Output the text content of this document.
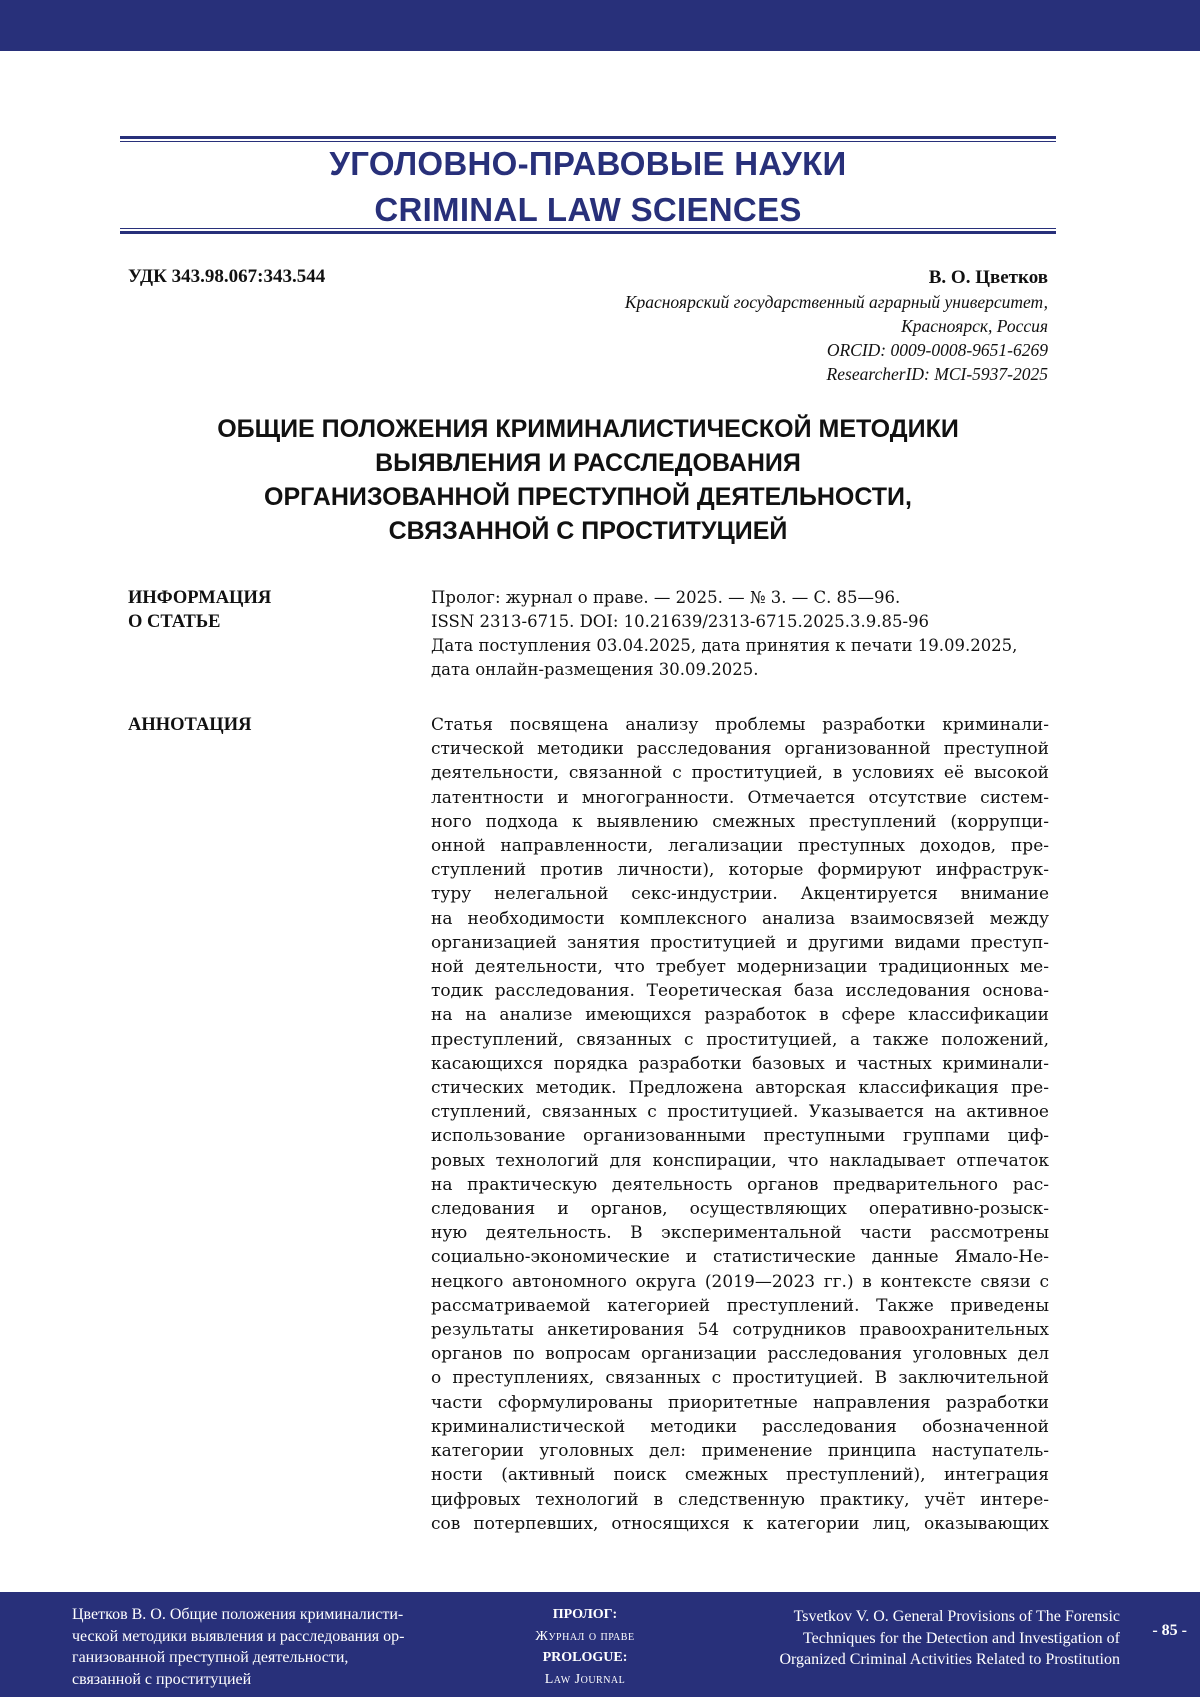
УГОЛОВНО-ПРАВОВЫЕ НАУКИ
CRIMINAL LAW SCIENCES
УДК 343.98.067:343.544	В. О. Цветков
Красноярский государственный аграрный университет,
Красноярск, Россия
ORCID: 0009-0008-9651-6269
ResearcherID: MCI-5937-2025
ОБЩИЕ ПОЛОЖЕНИЯ КРИМИНАЛИСТИЧЕСКОЙ МЕТОДИКИ
ВЫЯВЛЕНИЯ И РАССЛЕДОВАНИЯ
ОРГАНИЗОВАННОЙ ПРЕСТУПНОЙ ДЕЯТЕЛЬНОСТИ,
СВЯЗАННОЙ С ПРОСТИТУЦИЕЙ
ИНФОРМАЦИЯ
О СТАТЬЕ
Пролог: журнал о праве. — 2025. — № 3. — С. 85—96.
ISSN 2313-6715. DOI: 10.21639/2313-6715.2025.3.9.85-96
Дата поступления 03.04.2025, дата принятия к печати 19.09.2025,
дата онлайн-размещения 30.09.2025.
АННОТАЦИЯ	Статья посвящена анализу проблемы разработки криминали-
стической методики расследования организованной преступной
деятельности, связанной с проституцией, в условиях её высокой
латентности и многогранности. Отмечается отсутствие систем-
ного подхода к выявлению смежных преступлений (коррупци-
онной направленности, легализации преступных доходов, пре-
ступлений против личности), которые формируют инфраструк-
туру нелегальной секс-индустрии. Акцентируется внимание
на необходимости комплексного анализа взаимосвязей между
организацией занятия проституцией и другими видами преступ-
ной деятельности, что требует модернизации традиционных ме-
тодик расследования. Теоретическая база исследования основа-
на на анализе имеющихся разработок в сфере классификации
преступлений, связанных с проституцией, а также положений,
касающихся порядка разработки базовых и частных криминали-
стических методик. Предложена авторская классификация пре-
ступлений, связанных с проституцией. Указывается на активное
использование организованными преступными группами циф-
ровых технологий для конспирации, что накладывает отпечаток
на практическую деятельность органов предварительного рас-
следования и органов, осуществляющих оперативно-розыск-
ную деятельность. В экспериментальной части рассмотрены
социально-экономические и статистические данные Ямало-Не-
нецкого автономного округа (2019—2023 гг.) в контексте связи с
рассматриваемой категорией преступлений. Также приведены
результаты анкетирования 54 сотрудников правоохранительных
органов по вопросам организации расследования уголовных дел
о преступлениях, связанных с проституцией. В заключительной
части сформулированы приоритетные направления разработки
криминалистической методики расследования обозначенной
категории уголовных дел: применение принципа наступатель-
ности (активный поиск смежных преступлений), интеграция
цифровых технологий в следственную практику, учёт интере-
сов потерпевших, относящихся к категории лиц, оказывающих
Цветков В. О. Общие положения криминалисти-
ческой методики выявления и расследования ор-
ганизованной преступной деятельности,
связанной с проституцией
ПРОЛОГ:
Журнал о праве
PROLOGUE:
Law Journal
Tsvetkov V. O. General Provisions of The Forensic
Techniques for the Detection and Investigation of
Organized Criminal Activities Related to Prostitution
- 85 -
